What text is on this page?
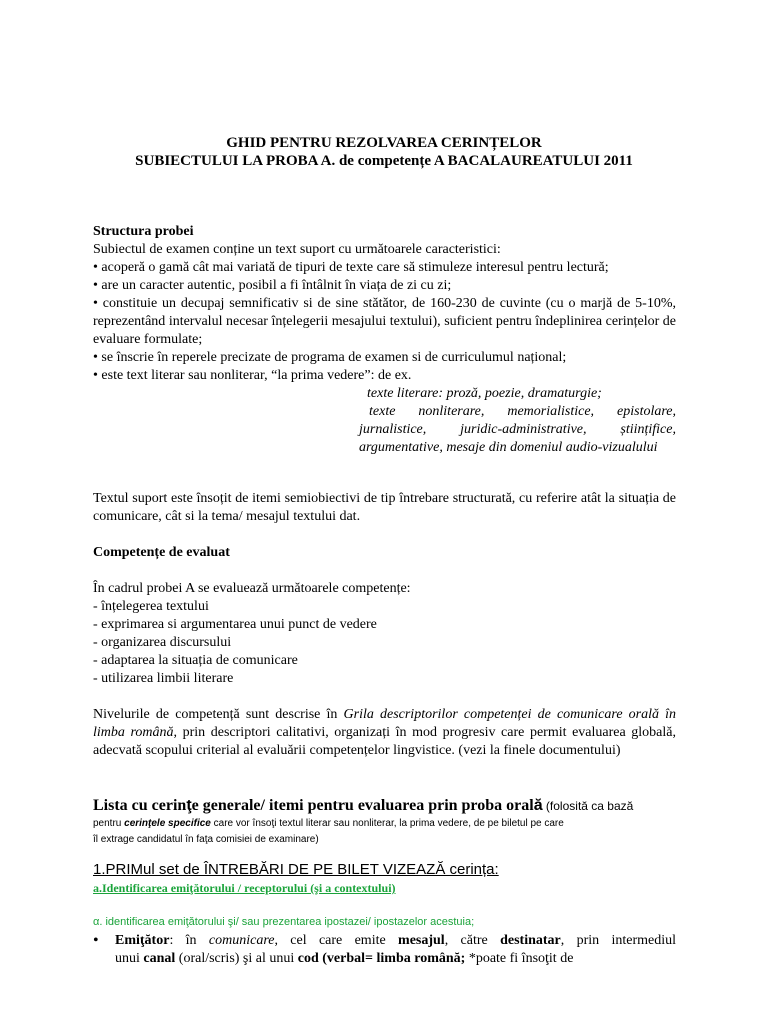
GHID PENTRU REZOLVAREA CERINȚELOR
SUBIECTULUI LA PROBA A. de competențe A BACALAUREATULUI 2011
Structura probei
Subiectul de examen conține un text suport cu următoarele caracteristici:
• acoperă o gamă cât mai variată de tipuri de texte care să stimuleze interesul pentru lectură;
• are un caracter autentic, posibil a fi întâlnit în viața de zi cu zi;
• constituie un decupaj semnificativ si de sine stătător, de 160-230 de cuvinte (cu o marjă de 5-10%, reprezentând intervalul necesar înțelegerii mesajului textului), suficient pentru îndeplinirea cerințelor de evaluare formulate;
• se înscrie în reperele precizate de programa de examen si de curriculumul național;
• este text literar sau nonliterar, “la prima vedere”: de ex.
texte literare: proză, poezie, dramaturgie;
texte nonliterare, memorialistice, epistolare, jurnalistice, juridic-administrative, științifice, argumentative, mesaje din domeniul audio-vizualului
Textul suport este însoțit de itemi semiobiectivi de tip întrebare structurată, cu referire atât la situația de comunicare, cât si la tema/ mesajul textului dat.
Competențe de evaluat
În cadrul probei A se evaluează următoarele competențe:
- înțelegerea textului
- exprimarea si argumentarea unui punct de vedere
- organizarea discursului
- adaptarea la situația de comunicare
- utilizarea limbii literare
Nivelurile de competență sunt descrise în Grila descriptorilor competenței de comunicare orală în limba română, prin descriptori calitativi, organizați în mod progresiv care permit evaluarea globală, adecvată scopului criterial al evaluării competențelor lingvistice. (vezi la finele documentului)
Lista cu cerinţe generale/ itemi pentru evaluarea prin proba orală (folosită ca bază
pentru cerinţele specifice care vor însoţi textul literar sau nonliterar, la prima vedere, de pe biletul pe care
îl extrage candidatul în faţa comisiei de examinare)
1.PRIMul set de ÎNTREBĂRI DE PE BILET VIZEAZĂ cerința:
a.Identificarea emiţătorului / receptorului (şi a contextului)
α. identificarea emiţătorului şi/ sau prezentarea ipostazei/ ipostazelor acestuia;
• Emiţător: în comunicare, cel care emite mesajul, către destinatar, prin intermediul
unui canal (oral/scris) şi al unui cod (verbal= limba română; *poate fi însoţit de
